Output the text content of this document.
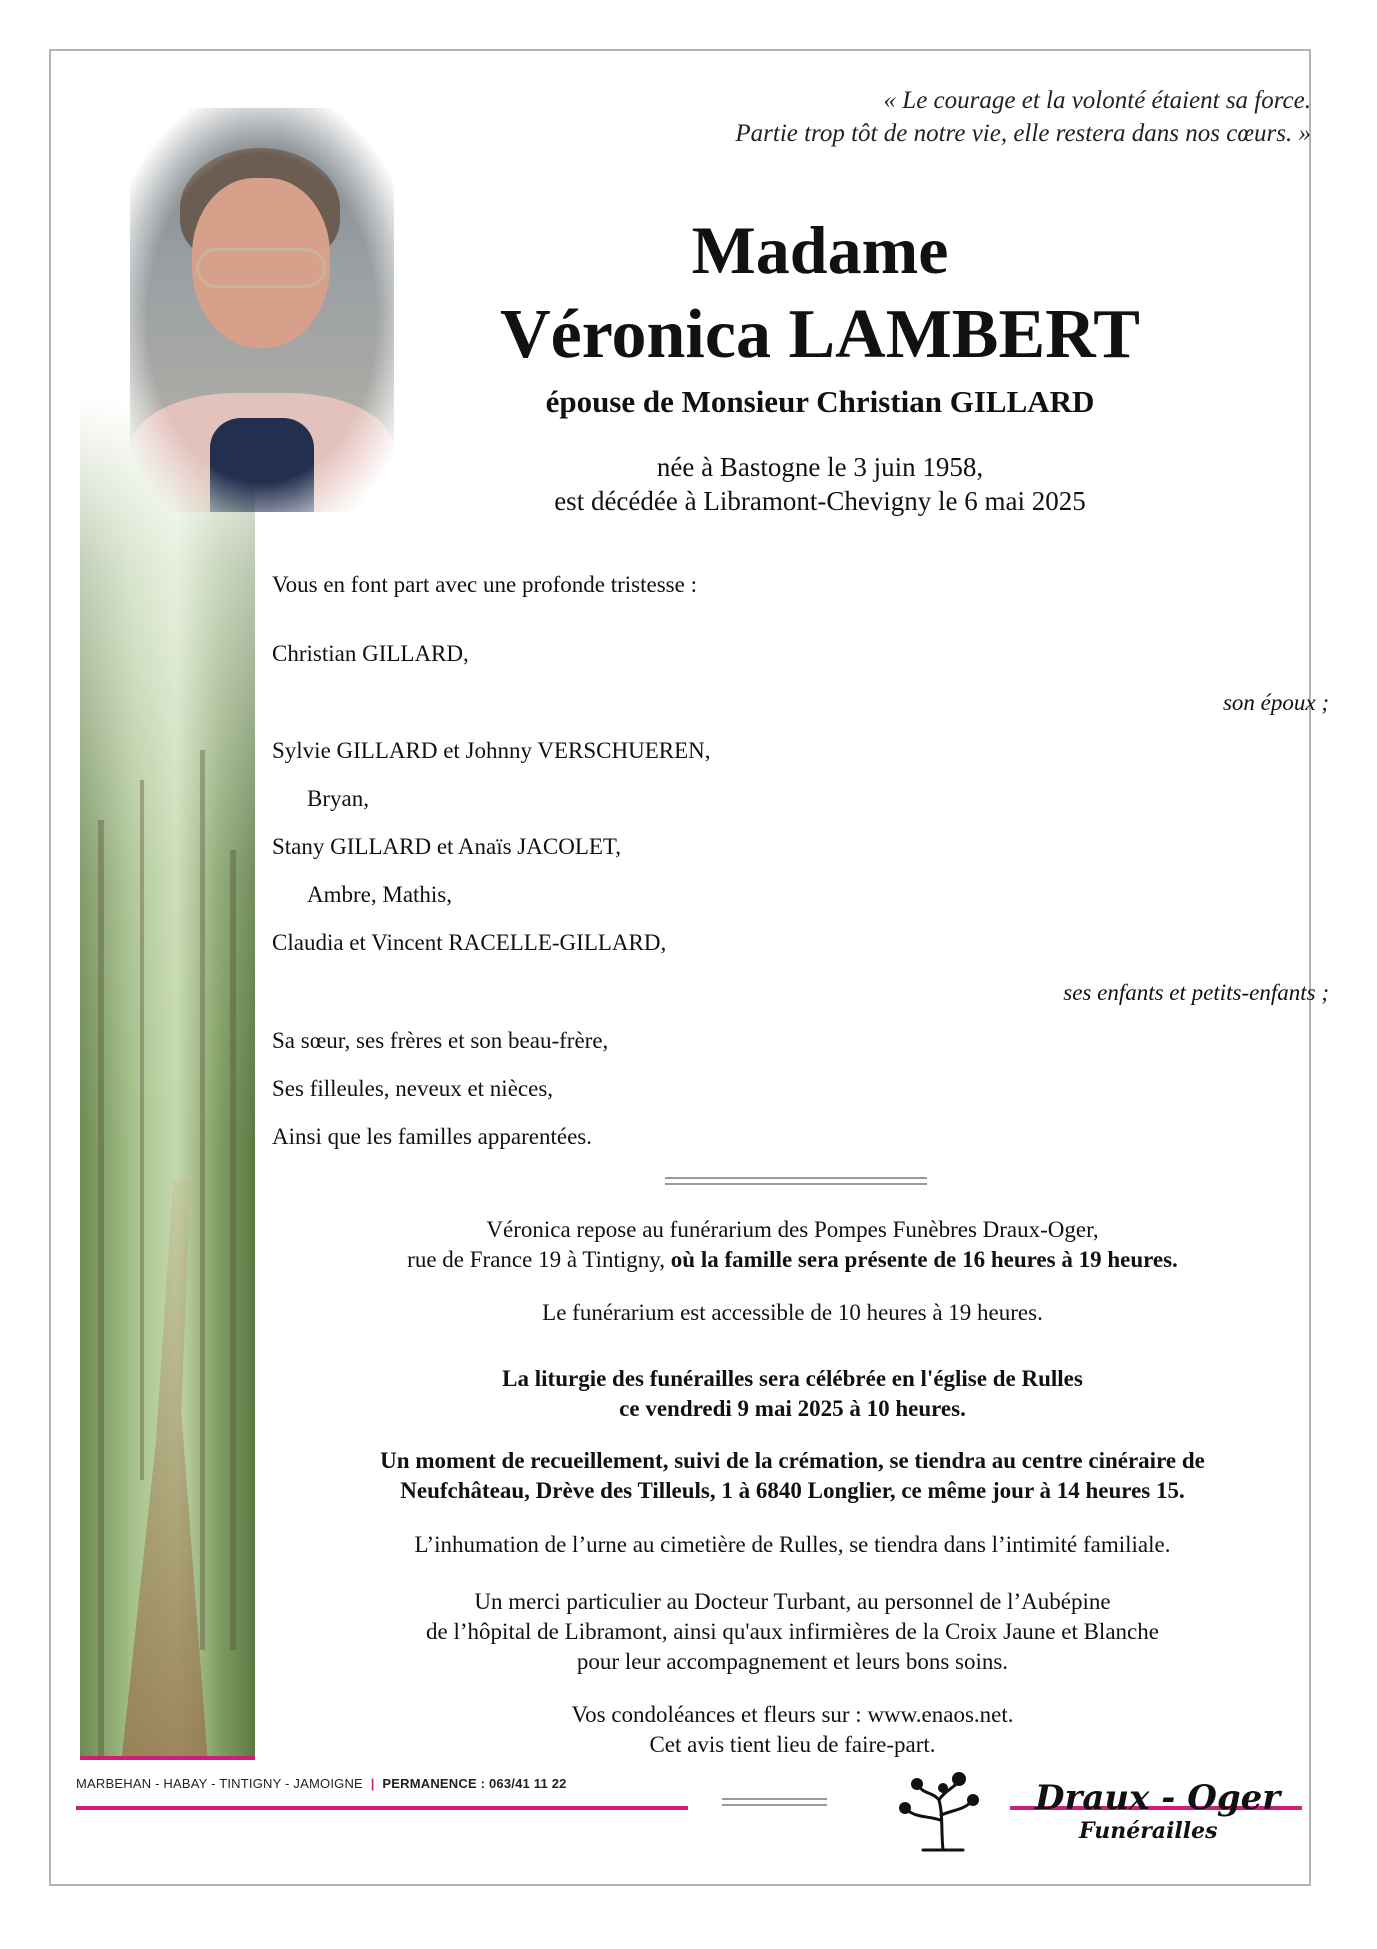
« Le courage et la volonté étaient sa force.
Partie trop tôt de notre vie, elle restera dans nos cœurs. »
Madame
Véronica LAMBERT
épouse de Monsieur Christian GILLARD
née à Bastogne le 3 juin 1958,
est décédée à Libramont-Chevigny le 6 mai 2025
Vous en font part avec une profonde tristesse :
Christian GILLARD,
son époux ;
Sylvie GILLARD et Johnny VERSCHUEREN,
Bryan,
Stany GILLARD et Anaïs JACOLET,
Ambre, Mathis,
Claudia et Vincent RACELLE-GILLARD,
ses enfants et petits-enfants ;
Sa sœur, ses frères et son beau-frère,
Ses filleules, neveux et nièces,
Ainsi que les familles apparentées.
Véronica repose au funérarium des Pompes Funèbres Draux-Oger,
rue de France 19 à Tintigny, où la famille sera présente de 16 heures à 19 heures.
Le funérarium est accessible de 10 heures à 19 heures.
La liturgie des funérailles sera célébrée en l'église de Rulles
ce vendredi 9 mai 2025 à 10 heures.
Un moment de recueillement, suivi de la crémation, se tiendra au centre cinéraire de
Neufchâteau, Drève des Tilleuls, 1 à 6840 Longlier, ce même jour à 14 heures 15.
L’inhumation de l’urne au cimetière de Rulles, se tiendra dans l’intimité familiale.
Un merci particulier au Docteur Turbant, au personnel de l’Aubépine
de l’hôpital de Libramont, ainsi qu'aux infirmières de la Croix Jaune et Blanche
pour leur accompagnement et leurs bons soins.
Vos condoléances et fleurs sur : www.enaos.net.
Cet avis tient lieu de faire-part.
MARBEHAN - HABAY - TINTIGNY - JAMOIGNE | PERMANENCE : 063/41 11 22	Draux - Oger
Funérailles
